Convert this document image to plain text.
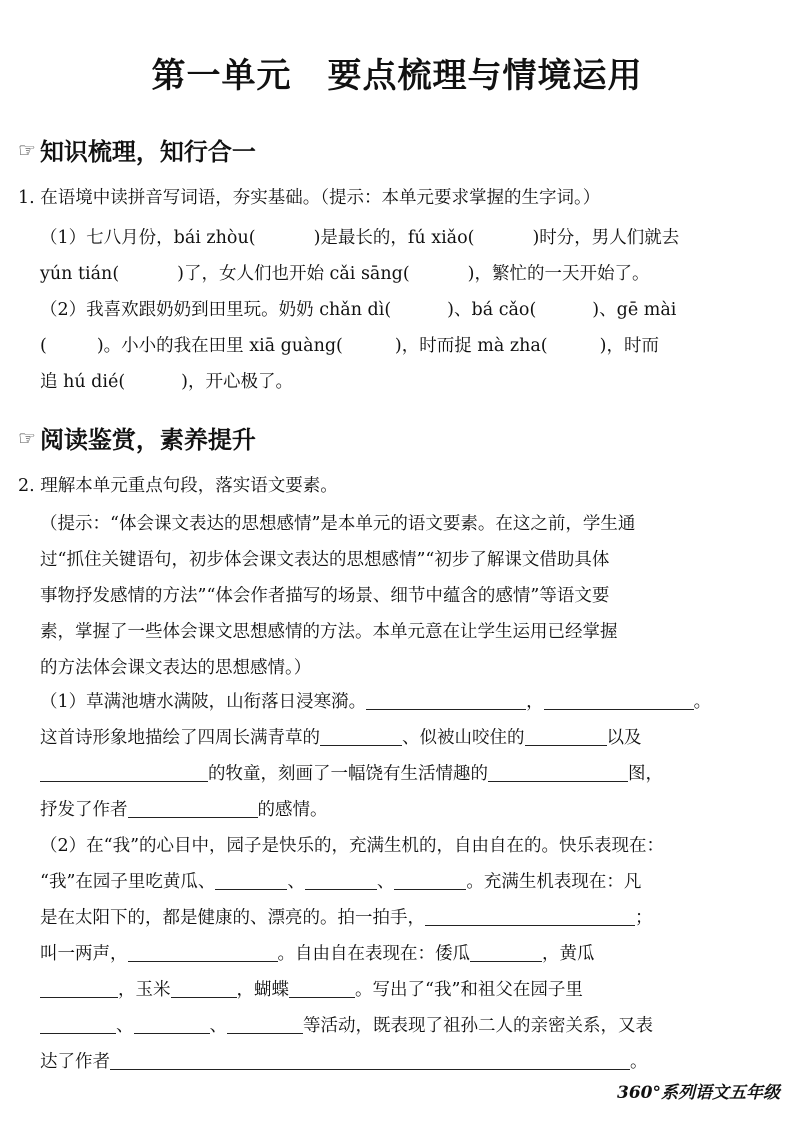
第一单元 要点梳理与情境运用
☞ 知识梳理，知行合一
1. 在语境中读拼音写词语，夯实基础。（提示：本单元要求掌握的生字词。）
（1）七八月份，bái zhòu(	)是最长的，fú xiǎo(	)时分，男人们就去
yún tián(	)了，女人们也开始 cǎi sāng(	)，繁忙的一天开始了。
（2）我喜欢跟奶奶到田里玩。奶奶 chǎn dì(	)、bá cǎo(	)、gē mài
(	)。小小的我在田里 xiā guàng(	)，时而捉 mà zha(	)，时而
追 hú dié(	)，开心极了。
☞ 阅读鉴赏，素养提升
2. 理解本单元重点句段，落实语文要素。
（提示：“体会课文表达的思想感情”是本单元的语文要素。在这之前，学生通
过“抓住关键语句，初步体会课文表达的思想感情”“初步了解课文借助具体
事物抒发感情的方法”“体会作者描写的场景、细节中蕴含的感情”等语文要
素，掌握了一些体会课文思想感情的方法。本单元意在让学生运用已经掌握
的方法体会课文表达的思想感情。）
（1）草满池塘水满陂，山衔落日浸寒漪。	，	。
这首诗形象地描绘了四周长满青草的	、似被山咬住的	以及
的牧童，刻画了一幅饶有生活情趣的	图，
抒发了作者	的感情。
（2）在“我”的心目中，园子是快乐的，充满生机的，自由自在的。快乐表现在：
“我”在园子里吃黄瓜、	、	、	。充满生机表现在：凡
是在太阳下的，都是健康的、漂亮的。拍一拍手，	；
叫一两声，	。自由自在表现在：倭瓜	，黄瓜
，玉米	，蝴蝶	。写出了“我”和祖父在园子里
、	、	等活动，既表现了祖孙二人的亲密关系，又表
达了作者	。
360°系列语文五年级
